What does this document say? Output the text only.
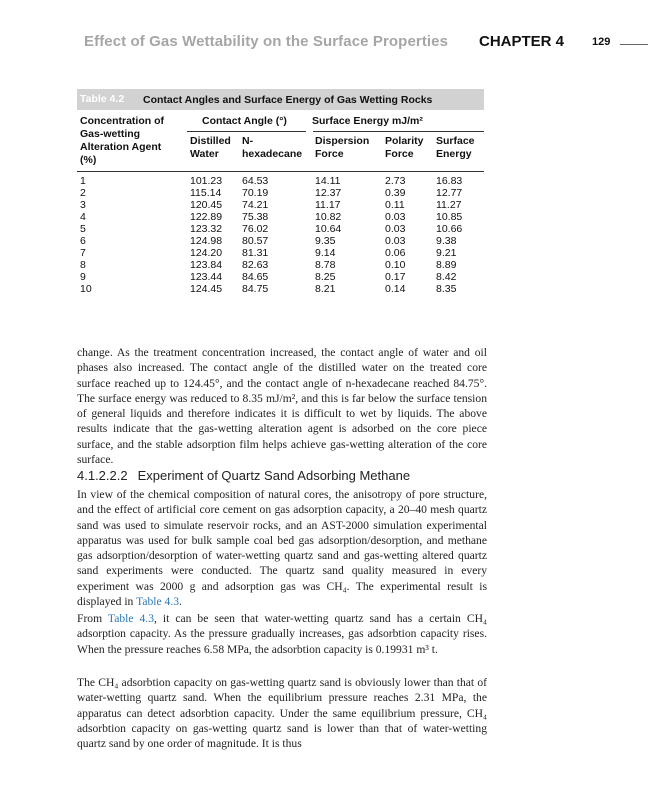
Effect of Gas Wettability on the Surface Properties CHAPTER 4	129
Table 4.2 Contact Angles and Surface Energy of Gas Wetting Rocks
Concentration of
Gas-wetting
Alteration Agent
(%)
Contact Angle (°) Surface Energy mJ/m²
Distilled
Water
N-
hexadecane
Dispersion
Force
Polarity
Force
Surface
Energy
1	101.23 64.53	14.11	2.73	16.83
2	115.14 70.19	12.37	0.39	12.77
3	120.45 74.21	11.17	0.11	11.27
4	122.89 75.38	10.82	0.03	10.85
5	123.32 76.02	10.64	0.03	10.66
6	124.98 80.57	9.35	0.03	9.38
7	124.20 81.31	9.14	0.06	9.21
8	123.84 82.63	8.78	0.10	8.89
9	123.44 84.65	8.25	0.17	8.42
10	124.45 84.75	8.21	0.14	8.35
change. As the treatment concentration increased, the contact angle of water and oil phases also increased. The contact angle of the distilled water on the treated core surface reached up to 124.45°, and the contact angle of n-hexadecane reached 84.75°. The surface energy was reduced to 8.35 mJ/m², and this is far below the surface tension of general liquids and therefore indicates it is difficult to wet by liquids. The above results indicate that the gas-wetting alteration agent is adsorbed on the core piece surface, and the stable adsorption film helps achieve gas-wetting alteration of the core surface.
4.1.2.2.2 Experiment of Quartz Sand Adsorbing Methane
In view of the chemical composition of natural cores, the anisotropy of pore structure, and the effect of artificial core cement on gas adsorption capacity, a 20–40 mesh quartz sand was used to simulate reservoir rocks, and an AST-2000 simulation experimental apparatus was used for bulk sample coal bed gas adsorption/desorption, and methane gas adsorption/desorption of water-wetting quartz sand and gas-wetting altered quartz sand experiments were conducted. The quartz sand quality measured in every experiment was 2000 g and adsorption gas was CH₄. The experimental result is displayed in Table 4.3.
From Table 4.3, it can be seen that water-wetting quartz sand has a certain CH₄ adsorption capacity. As the pressure gradually increases, gas adsorbtion capacity rises. When the pressure reaches 6.58 MPa, the adsorbtion capacity is 0.19931 m³ t.
The CH₄ adsorbtion capacity on gas-wetting quartz sand is obviously lower than that of water-wetting quartz sand. When the equilibrium pressure reaches 2.31 MPa, the apparatus can detect adsorbtion capacity. Under the same equilibrium pressure, CH₄ adsorbtion capacity on gas-wetting quartz sand is lower than that of water-wetting quartz sand by one order of magnitude. It is thus
